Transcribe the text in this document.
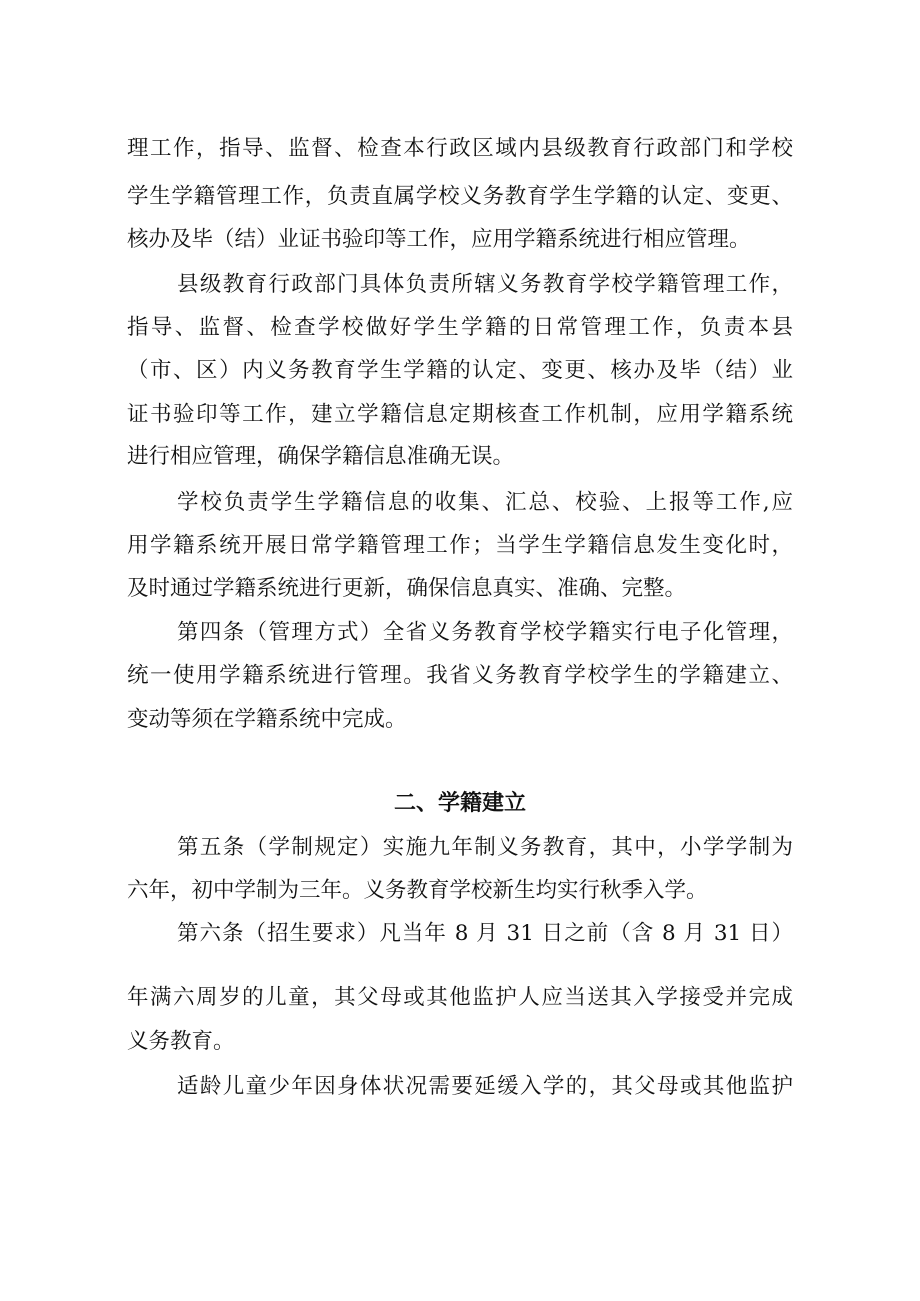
理工作，指导、监督、检查本行政区域内县级教育行政部门和学校
学生学籍管理工作，负责直属学校义务教育学生学籍的认定、变更、
核办及毕（结）业证书验印等工作，应用学籍系统进行相应管理。
县级教育行政部门具体负责所辖义务教育学校学籍管理工作，
指导、监督、检查学校做好学生学籍的日常管理工作，负责本县
（市、区）内义务教育学生学籍的认定、变更、核办及毕（结）业
证书验印等工作，建立学籍信息定期核查工作机制，应用学籍系统
进行相应管理，确保学籍信息准确无误。
学校负责学生学籍信息的收集、汇总、校验、上报等工作,应
用学籍系统开展日常学籍管理工作；当学生学籍信息发生变化时，
及时通过学籍系统进行更新，确保信息真实、准确、完整。
第四条（管理方式）全省义务教育学校学籍实行电子化管理，
统一使用学籍系统进行管理。我省义务教育学校学生的学籍建立、
变动等须在学籍系统中完成。
二、学籍建立
第五条（学制规定）实施九年制义务教育，其中，小学学制为
六年，初中学制为三年。义务教育学校新生均实行秋季入学。
第六条（招生要求）凡当年 8 月 31 日之前（含 8 月 31 日）
年满六周岁的儿童，其父母或其他监护人应当送其入学接受并完成
义务教育。
适龄儿童少年因身体状况需要延缓入学的，其父母或其他监护
